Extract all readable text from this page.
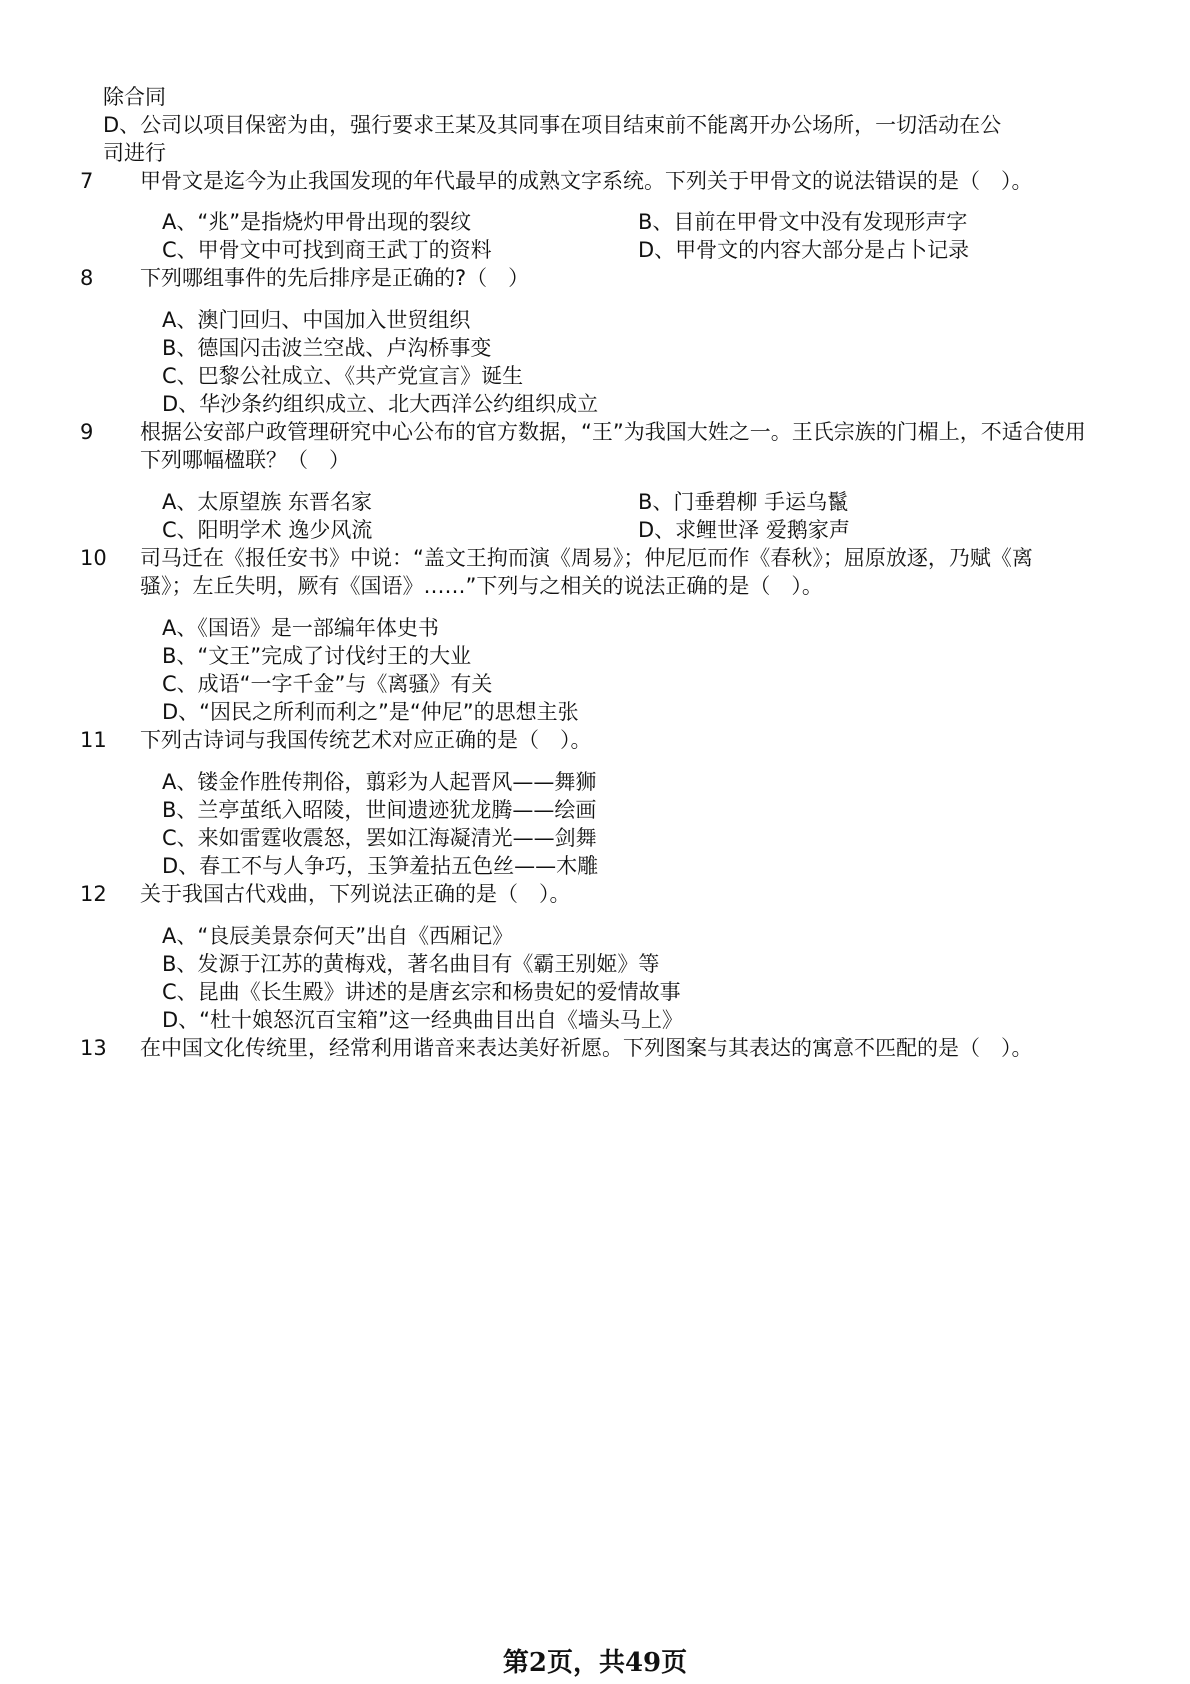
除合同
D、公司以项目保密为由，强行要求王某及其同事在项目结束前不能离开办公场所，一切活动在公
司进行
7 甲骨文是迄今为止我国发现的年代最早的成熟文字系统。下列关于甲骨文的说法错误的是（　）。
A、“兆”是指烧灼甲骨出现的裂纹	B、目前在甲骨文中没有发现形声字
C、甲骨文中可找到商王武丁的资料	D、甲骨文的内容大部分是占卜记录
8 下列哪组事件的先后排序是正确的?（　）
A、澳门回归、中国加入世贸组织
B、德国闪击波兰空战、卢沟桥事变
C、巴黎公社成立、《共产党宣言》诞生
D、华沙条约组织成立、北大西洋公约组织成立
9 根据公安部户政管理研究中心公布的官方数据，“王”为我国大姓之一。王氏宗族的门楣上，不适合使用
下列哪幅楹联？（　）
A、太原望族 东晋名家	B、门垂碧柳 手运乌鬣
C、阳明学术 逸少风流	D、求鲤世泽 爱鹅家声
10 司马迁在《报任安书》中说：“盖文王拘而演《周易》；仲尼厄而作《春秋》；屈原放逐，乃赋《离
骚》；左丘失明，厥有《国语》……”下列与之相关的说法正确的是（　）。
A、《国语》是一部编年体史书
B、“文王”完成了讨伐纣王的大业
C、成语“一字千金”与《离骚》有关
D、“因民之所利而利之”是“仲尼”的思想主张
11 下列古诗词与我国传统艺术对应正确的是（　）。
A、镂金作胜传荆俗，翦彩为人起晋风——舞狮
B、兰亭茧纸入昭陵，世间遗迹犹龙腾——绘画
C、来如雷霆收震怒，罢如江海凝清光——剑舞
D、春工不与人争巧，玉笋羞拈五色丝——木雕
12 关于我国古代戏曲，下列说法正确的是（　）。
A、“良辰美景奈何天”出自《西厢记》
B、发源于江苏的黄梅戏，著名曲目有《霸王别姬》等
C、昆曲《长生殿》讲述的是唐玄宗和杨贵妃的爱情故事
D、“杜十娘怒沉百宝箱”这一经典曲目出自《墙头马上》
13 在中国文化传统里，经常利用谐音来表达美好祈愿。下列图案与其表达的寓意不匹配的是（　）。
第2页，共49页
